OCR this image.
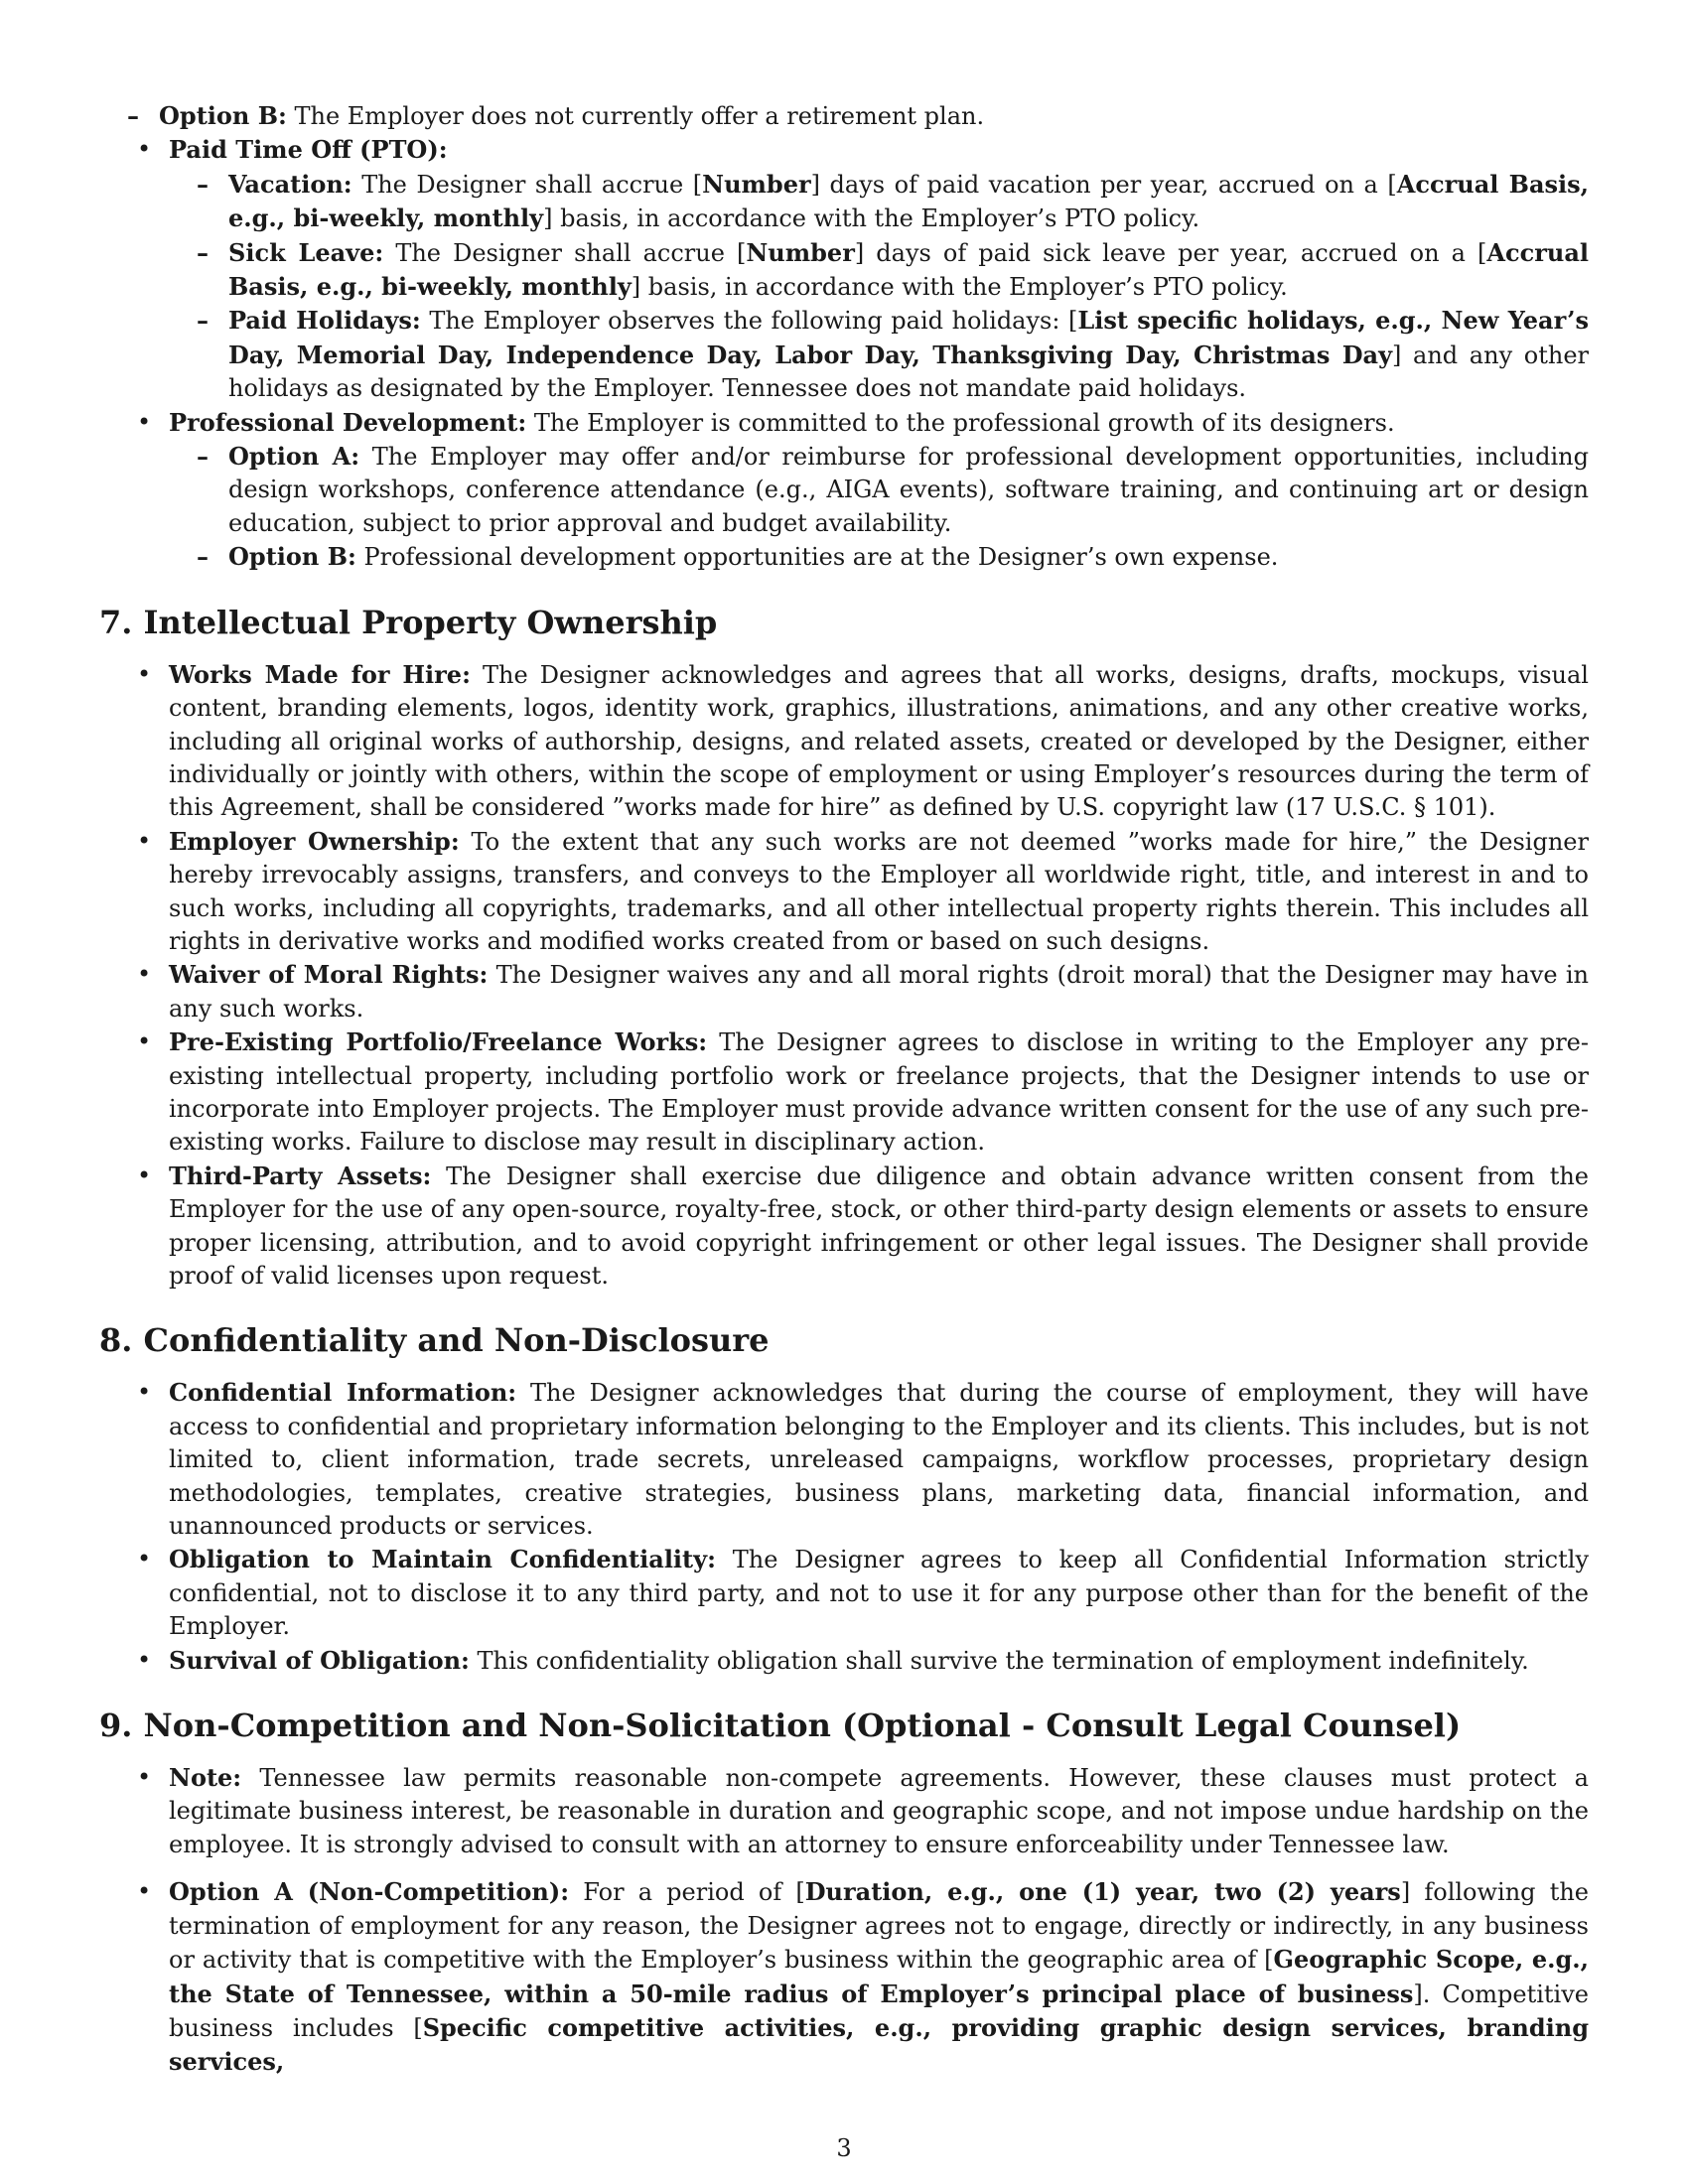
– Option B: The Employer does not currently offer a retirement plan.
• Paid Time Off (PTO):
– Vacation: The Designer shall accrue [Number] days of paid vacation per year, accrued on a [Accrual Basis, e.g., bi-weekly, monthly] basis, in accordance with the Employer’s PTO policy.
– Sick Leave: The Designer shall accrue [Number] days of paid sick leave per year, accrued on a [Accrual Basis, e.g., bi-weekly, monthly] basis, in accordance with the Employer’s PTO policy.
– Paid Holidays: The Employer observes the following paid holidays: [List specific holidays, e.g., New Year’s Day, Memorial Day, Independence Day, Labor Day, Thanksgiving Day, Christmas Day] and any other holidays as designated by the Employer. Tennessee does not mandate paid holidays.
• Professional Development: The Employer is committed to the professional growth of its designers.
– Option A: The Employer may offer and/or reimburse for professional development opportunities, including design workshops, conference attendance (e.g., AIGA events), software training, and continuing art or design education, subject to prior approval and budget availability.
– Option B: Professional development opportunities are at the Designer’s own expense.
7. Intellectual Property Ownership
• Works Made for Hire: The Designer acknowledges and agrees that all works, designs, drafts, mockups, visual content, branding elements, logos, identity work, graphics, illustrations, animations, and any other creative works, including all original works of authorship, designs, and related assets, created or developed by the Designer, either individually or jointly with others, within the scope of employment or using Employer’s resources during the term of this Agreement, shall be considered ”works made for hire” as defined by U.S. copyright law (17 U.S.C. § 101).
• Employer Ownership: To the extent that any such works are not deemed ”works made for hire,” the Designer hereby irrevocably assigns, transfers, and conveys to the Employer all worldwide right, title, and interest in and to such works, including all copyrights, trademarks, and all other intellectual property rights therein. This includes all rights in derivative works and modified works created from or based on such designs.
• Waiver of Moral Rights: The Designer waives any and all moral rights (droit moral) that the Designer may have in any such works.
• Pre-Existing Portfolio/Freelance Works: The Designer agrees to disclose in writing to the Employer any pre-existing intellectual property, including portfolio work or freelance projects, that the Designer intends to use or incorporate into Employer projects. The Employer must provide advance written consent for the use of any such pre-existing works. Failure to disclose may result in disciplinary action.
• Third-Party Assets: The Designer shall exercise due diligence and obtain advance written consent from the Employer for the use of any open-source, royalty-free, stock, or other third-party design elements or assets to ensure proper licensing, attribution, and to avoid copyright infringement or other legal issues. The Designer shall provide proof of valid licenses upon request.
8. Confidentiality and Non-Disclosure
• Confidential Information: The Designer acknowledges that during the course of employment, they will have access to confidential and proprietary information belonging to the Employer and its clients. This includes, but is not limited to, client information, trade secrets, unreleased campaigns, workflow processes, proprietary design methodologies, templates, creative strategies, business plans, marketing data, financial information, and unannounced products or services.
• Obligation to Maintain Confidentiality: The Designer agrees to keep all Confidential Information strictly confidential, not to disclose it to any third party, and not to use it for any purpose other than for the benefit of the Employer.
• Survival of Obligation: This confidentiality obligation shall survive the termination of employment indefinitely.
9. Non-Competition and Non-Solicitation (Optional - Consult Legal Counsel)
• Note: Tennessee law permits reasonable non-compete agreements. However, these clauses must protect a legitimate business interest, be reasonable in duration and geographic scope, and not impose undue hardship on the employee. It is strongly advised to consult with an attorney to ensure enforceability under Tennessee law.
• Option A (Non-Competition): For a period of [Duration, e.g., one (1) year, two (2) years] following the termination of employment for any reason, the Designer agrees not to engage, directly or indirectly, in any business or activity that is competitive with the Employer’s business within the geographic area of [Geographic Scope, e.g., the State of Tennessee, within a 50-mile radius of Employer’s principal place of business]. Competitive business includes [Specific competitive activities, e.g., providing graphic design services, branding services,
3
